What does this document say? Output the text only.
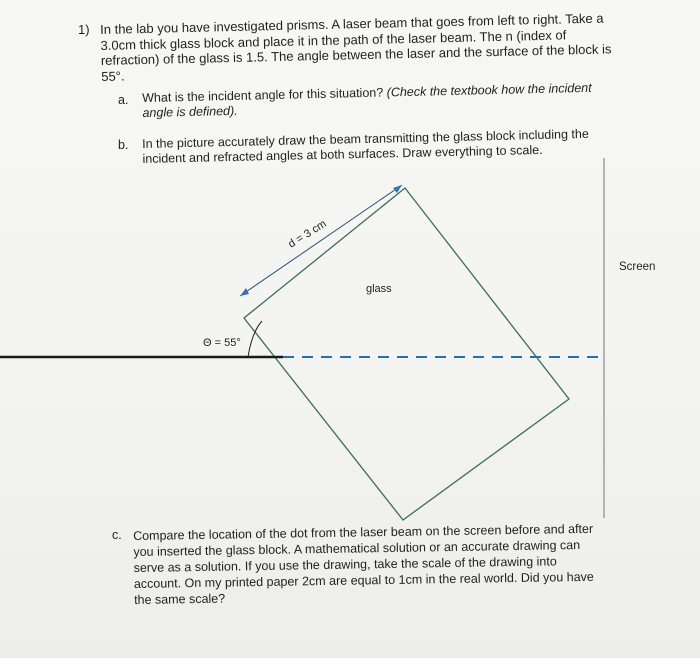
1) In the lab you have investigated prisms. A laser beam that goes from left to right. Take a 3.0cm thick glass block and place it in the path of the laser beam. The n (index of refraction) of the glass is 1.5. The angle between the laser and the surface of the block is 55°.
a. What is the incident angle for this situation? (Check the textbook how the incident angle is defined).
b. In the picture accurately draw the beam transmitting the glass block including the incident and refracted angles at both surfaces. Draw everything to scale.
d = 3 cm
glass
Θ = 55°
Screen
c. Compare the location of the dot from the laser beam on the screen before and after you inserted the glass block. A mathematical solution or an accurate drawing can serve as a solution. If you use the drawing, take the scale of the drawing into account. On my printed paper 2cm are equal to 1cm in the real world. Did you have the same scale?
